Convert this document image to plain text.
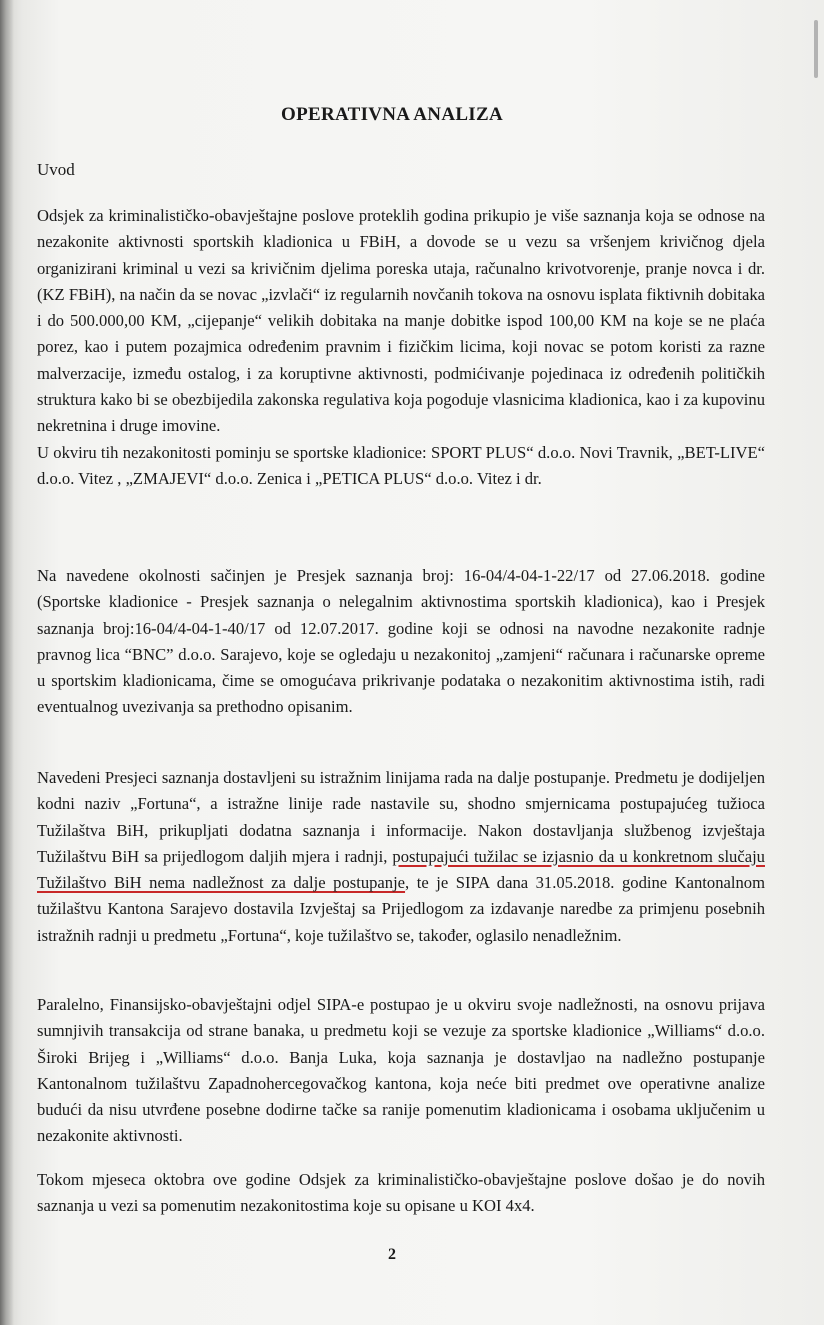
OPERATIVNA ANALIZA
Uvod
Odsjek za kriminalističko-obavještajne poslove proteklih godina prikupio je više saznanja koja se odnose na nezakonite aktivnosti sportskih kladionica u FBiH, a dovode se u vezu sa vršenjem krivičnog djela organizirani kriminal u vezi sa krivičnim djelima poreska utaja, računalno krivotvorenje, pranje novca i dr. (KZ FBiH), na način da se novac „izvlači“ iz regularnih novčanih tokova na osnovu isplata fiktivnih dobitaka i do 500.000,00 KM, „cijepanje“ velikih dobitaka na manje dobitke ispod 100,00 KM na koje se ne plaća porez, kao i putem pozajmica određenim pravnim i fizičkim licima, koji novac se potom koristi za razne malverzacije, između ostalog, i za koruptivne aktivnosti, podmićivanje pojedinaca iz određenih političkih struktura kako bi se obezbijedila zakonska regulativa koja pogoduje vlasnicima kladionica, kao i za kupovinu nekretnina i druge imovine.
U okviru tih nezakonitosti pominju se sportske kladionice: SPORT PLUS“ d.o.o. Novi Travnik, „BET-LIVE“ d.o.o. Vitez , „ZMAJEVI“ d.o.o. Zenica i „PETICA PLUS“ d.o.o. Vitez i dr.
Na navedene okolnosti sačinjen je Presjek saznanja broj: 16-04/4-04-1-22/17 od 27.06.2018. godine (Sportske kladionice - Presjek saznanja o nelegalnim aktivnostima sportskih kladionica), kao i Presjek saznanja broj:16-04/4-04-1-40/17 od 12.07.2017. godine koji se odnosi na navodne nezakonite radnje pravnog lica “BNC” d.o.o. Sarajevo, koje se ogledaju u nezakonitoj „zamjeni“ računara i računarske opreme u sportskim kladionicama, čime se omogućava prikrivanje podataka o nezakonitim aktivnostima istih, radi eventualnog uvezivanja sa prethodno opisanim.
Navedeni Presjeci saznanja dostavljeni su istražnim linijama rada na dalje postupanje. Predmetu je dodijeljen kodni naziv „Fortuna“, a istražne linije rade nastavile su, shodno smjernicama postupajućeg tužioca Tužilaštva BiH, prikupljati dodatna saznanja i informacije. Nakon dostavljanja službenog izvještaja Tužilaštvu BiH sa prijedlogom daljih mjera i radnji, postupajući tužilac se izjasnio da u konkretnom slučaju Tužilaštvo BiH nema nadležnost za dalje postupanje, te je SIPA dana 31.05.2018. godine Kantonalnom tužilaštvu Kantona Sarajevo dostavila Izvještaj sa Prijedlogom za izdavanje naredbe za primjenu posebnih istražnih radnji u predmetu „Fortuna“, koje tužilaštvo se, također, oglasilo nenadležnim.
Paralelno, Finansijsko-obavještajni odjel SIPA-e postupao je u okviru svoje nadležnosti, na osnovu prijava sumnjivih transakcija od strane banaka, u predmetu koji se vezuje za sportske kladionice „Williams“ d.o.o. Široki Brijeg i „Williams“ d.o.o. Banja Luka, koja saznanja je dostavljao na nadležno postupanje Kantonalnom tužilaštvu Zapadnohercegovačkog kantona, koja neće biti predmet ove operativne analize budući da nisu utvrđene posebne dodirne tačke sa ranije pomenutim kladionicama i osobama uključenim u nezakonite aktivnosti.
Tokom mjeseca oktobra ove godine Odsjek za kriminalističko-obavještajne poslove došao je do novih saznanja u vezi sa pomenutim nezakonitostima koje su opisane u KOI 4x4.
2
